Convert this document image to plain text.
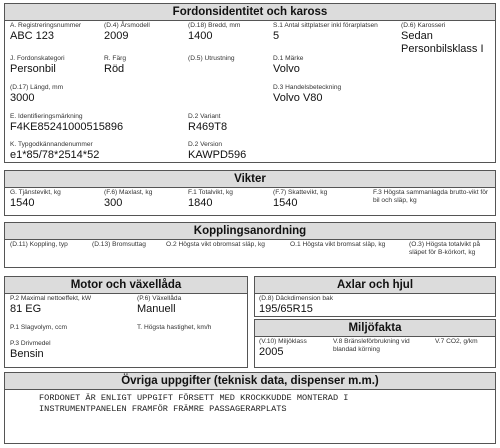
Fordonsidentitet och kaross
A. Registreringsnummer
ABC 123
(D.4) Årsmodell
2009
(D.18) Bredd, mm
1400
S.1 Antal sittplatser inkl förarplatsen
5
(D.6) Karosseri
Sedan
Personbilsklass I
J. Fordonskategori
Personbil
R. Färg
Röd
(D.5) Utrustning	D.1 Märke
Volvo
(D.17) Längd, mm
3000
D.3 Handelsbeteckning
Volvo V80
E. Identifieringsmärkning
F4KE85241000515896
D.2 Variant
R469T8
K. Typgodkännandenummer
e1*85/78*2514*52
D.2 Version
KAWPD596
Vikter
G. Tjänstevikt, kg
1540
(F.6) Maxlast, kg
300
F.1 Totalvikt, kg
1840
(F.7) Skattevikt, kg
1540
F.3 Högsta sammanlagda brutto-vikt för bil och släp, kg
Kopplingsanordning
(D.11) Koppling, typ	(D.13) Bromsuttag	O.2 Högsta vikt obromsat släp, kg	O.1 Högsta vikt bromsat släp, kg	(O.3) Högsta totalvikt på släpet för B-körkort, kg
Motor och växellåda
P.2 Maximal nettoeffekt, kW
81 EG
(P.6) Växellåda
Manuell
P.1 Slagvolym, ccm	T. Högsta hastighet, km/h
P.3 Drivmedel
Bensin
Axlar och hjul
(D.8) Däckdimension bak
195/65R15
Miljöfakta
(V.10) Miljöklass
2005
V.8 Bränsleförbrukning vid blandad körning
V.7 CO2, g/km
Övriga uppgifter (teknisk data, dispenser m.m.)
FORDONET ÄR ENLIGT UPPGIFT FÖRSETT MED KROCKKUDDE MONTERAD I
INSTRUMENTPANELEN FRAMFÖR FRÄMRE PASSAGERARPLATS
